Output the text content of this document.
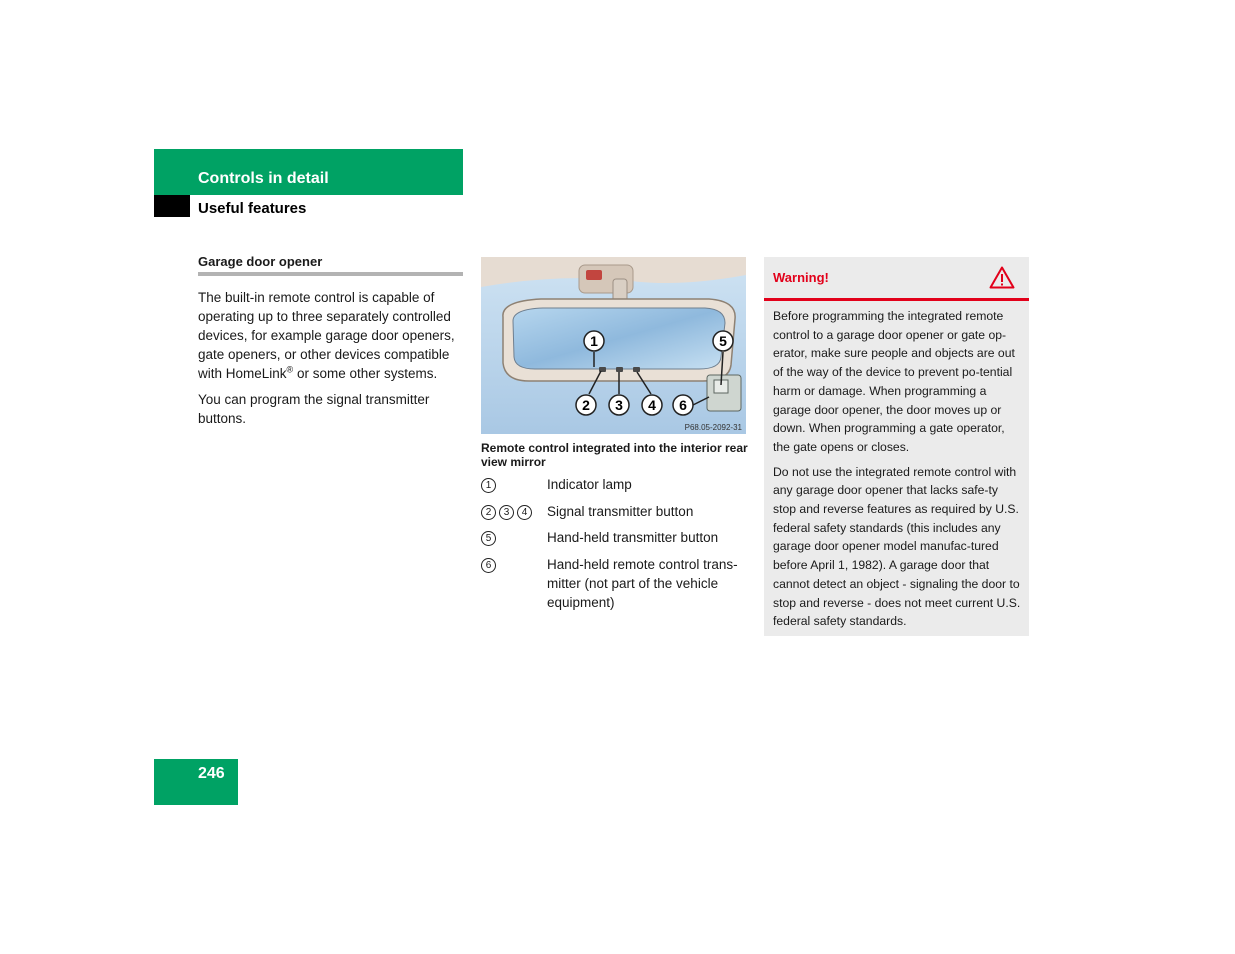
Controls in detail
Useful features
Garage door opener
The built-in remote control is capable of operating up to three separately controlled devices, for example garage door openers, gate openers, or other devices compatible with HomeLink® or some other systems.
You can program the signal transmitter buttons.
1
2 3 4
5
6
P68.05-2092-31
Remote control integrated into the interior rear view mirror
1	Indicator lamp
2	3	4	Signal transmitter button
5	Hand-held transmitter button
6	Hand-held remote control trans-mitter (not part of the vehicle equipment)
Warning!

Before programming the integrated remote control to a garage door opener or gate op-erator, make sure people and objects are out of the way of the device to prevent po-tential harm or damage. When programming a garage door opener, the door moves up or down. When programming a gate operator, the gate opens or closes.

Do not use the integrated remote control with any garage door opener that lacks safe-ty stop and reverse features as required by U.S. federal safety standards (this includes any garage door opener model manufac-tured before April 1, 1982). A garage door that cannot detect an object - signaling the door to stop and reverse - does not meet current U.S. federal safety standards.

246
